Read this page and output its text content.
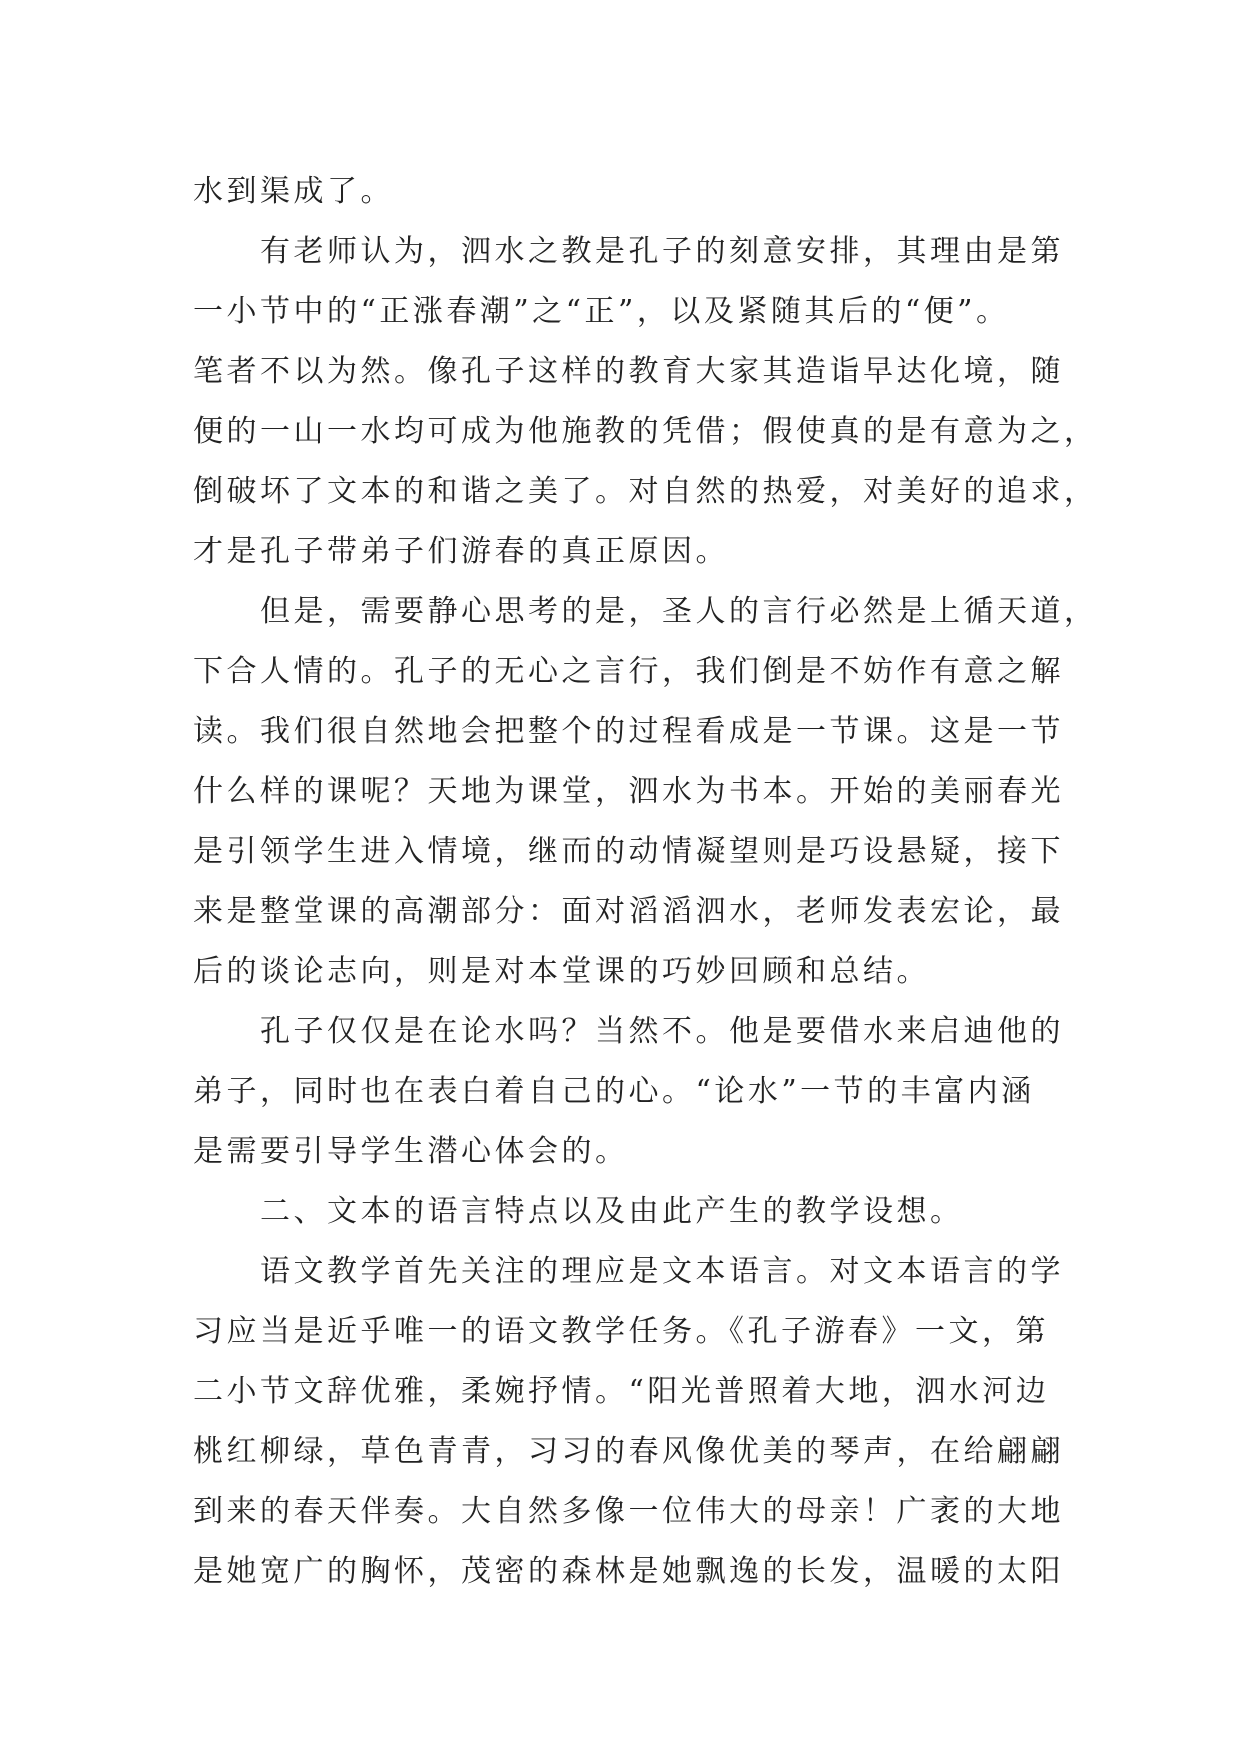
水到渠成了。
　　有老师认为，泗水之教是孔子的刻意安排，其理由是第
一小节中的“正涨春潮”之“正”，以及紧随其后的“便”。
笔者不以为然。像孔子这样的教育大家其造诣早达化境，随
便的一山一水均可成为他施教的凭借；假使真的是有意为之，
倒破坏了文本的和谐之美了。对自然的热爱，对美好的追求，
才是孔子带弟子们游春的真正原因。
　　但是，需要静心思考的是，圣人的言行必然是上循天道，
下合人情的。孔子的无心之言行，我们倒是不妨作有意之解
读。我们很自然地会把整个的过程看成是一节课。这是一节
什么样的课呢？天地为课堂，泗水为书本。开始的美丽春光
是引领学生进入情境，继而的动情凝望则是巧设悬疑，接下
来是整堂课的高潮部分：面对滔滔泗水，老师发表宏论，最
后的谈论志向，则是对本堂课的巧妙回顾和总结。
　　孔子仅仅是在论水吗？当然不。他是要借水来启迪他的
弟子，同时也在表白着自己的心。“论水”一节的丰富内涵
是需要引导学生潜心体会的。
　　二、文本的语言特点以及由此产生的教学设想。
　　语文教学首先关注的理应是文本语言。对文本语言的学
习应当是近乎唯一的语文教学任务。《孔子游春》一文，第
二小节文辞优雅，柔婉抒情。“阳光普照着大地，泗水河边
桃红柳绿，草色青青，习习的春风像优美的琴声，在给翩翩
到来的春天伴奏。大自然多像一位伟大的母亲！广袤的大地
是她宽广的胸怀，茂密的森林是她飘逸的长发，温暖的太阳
